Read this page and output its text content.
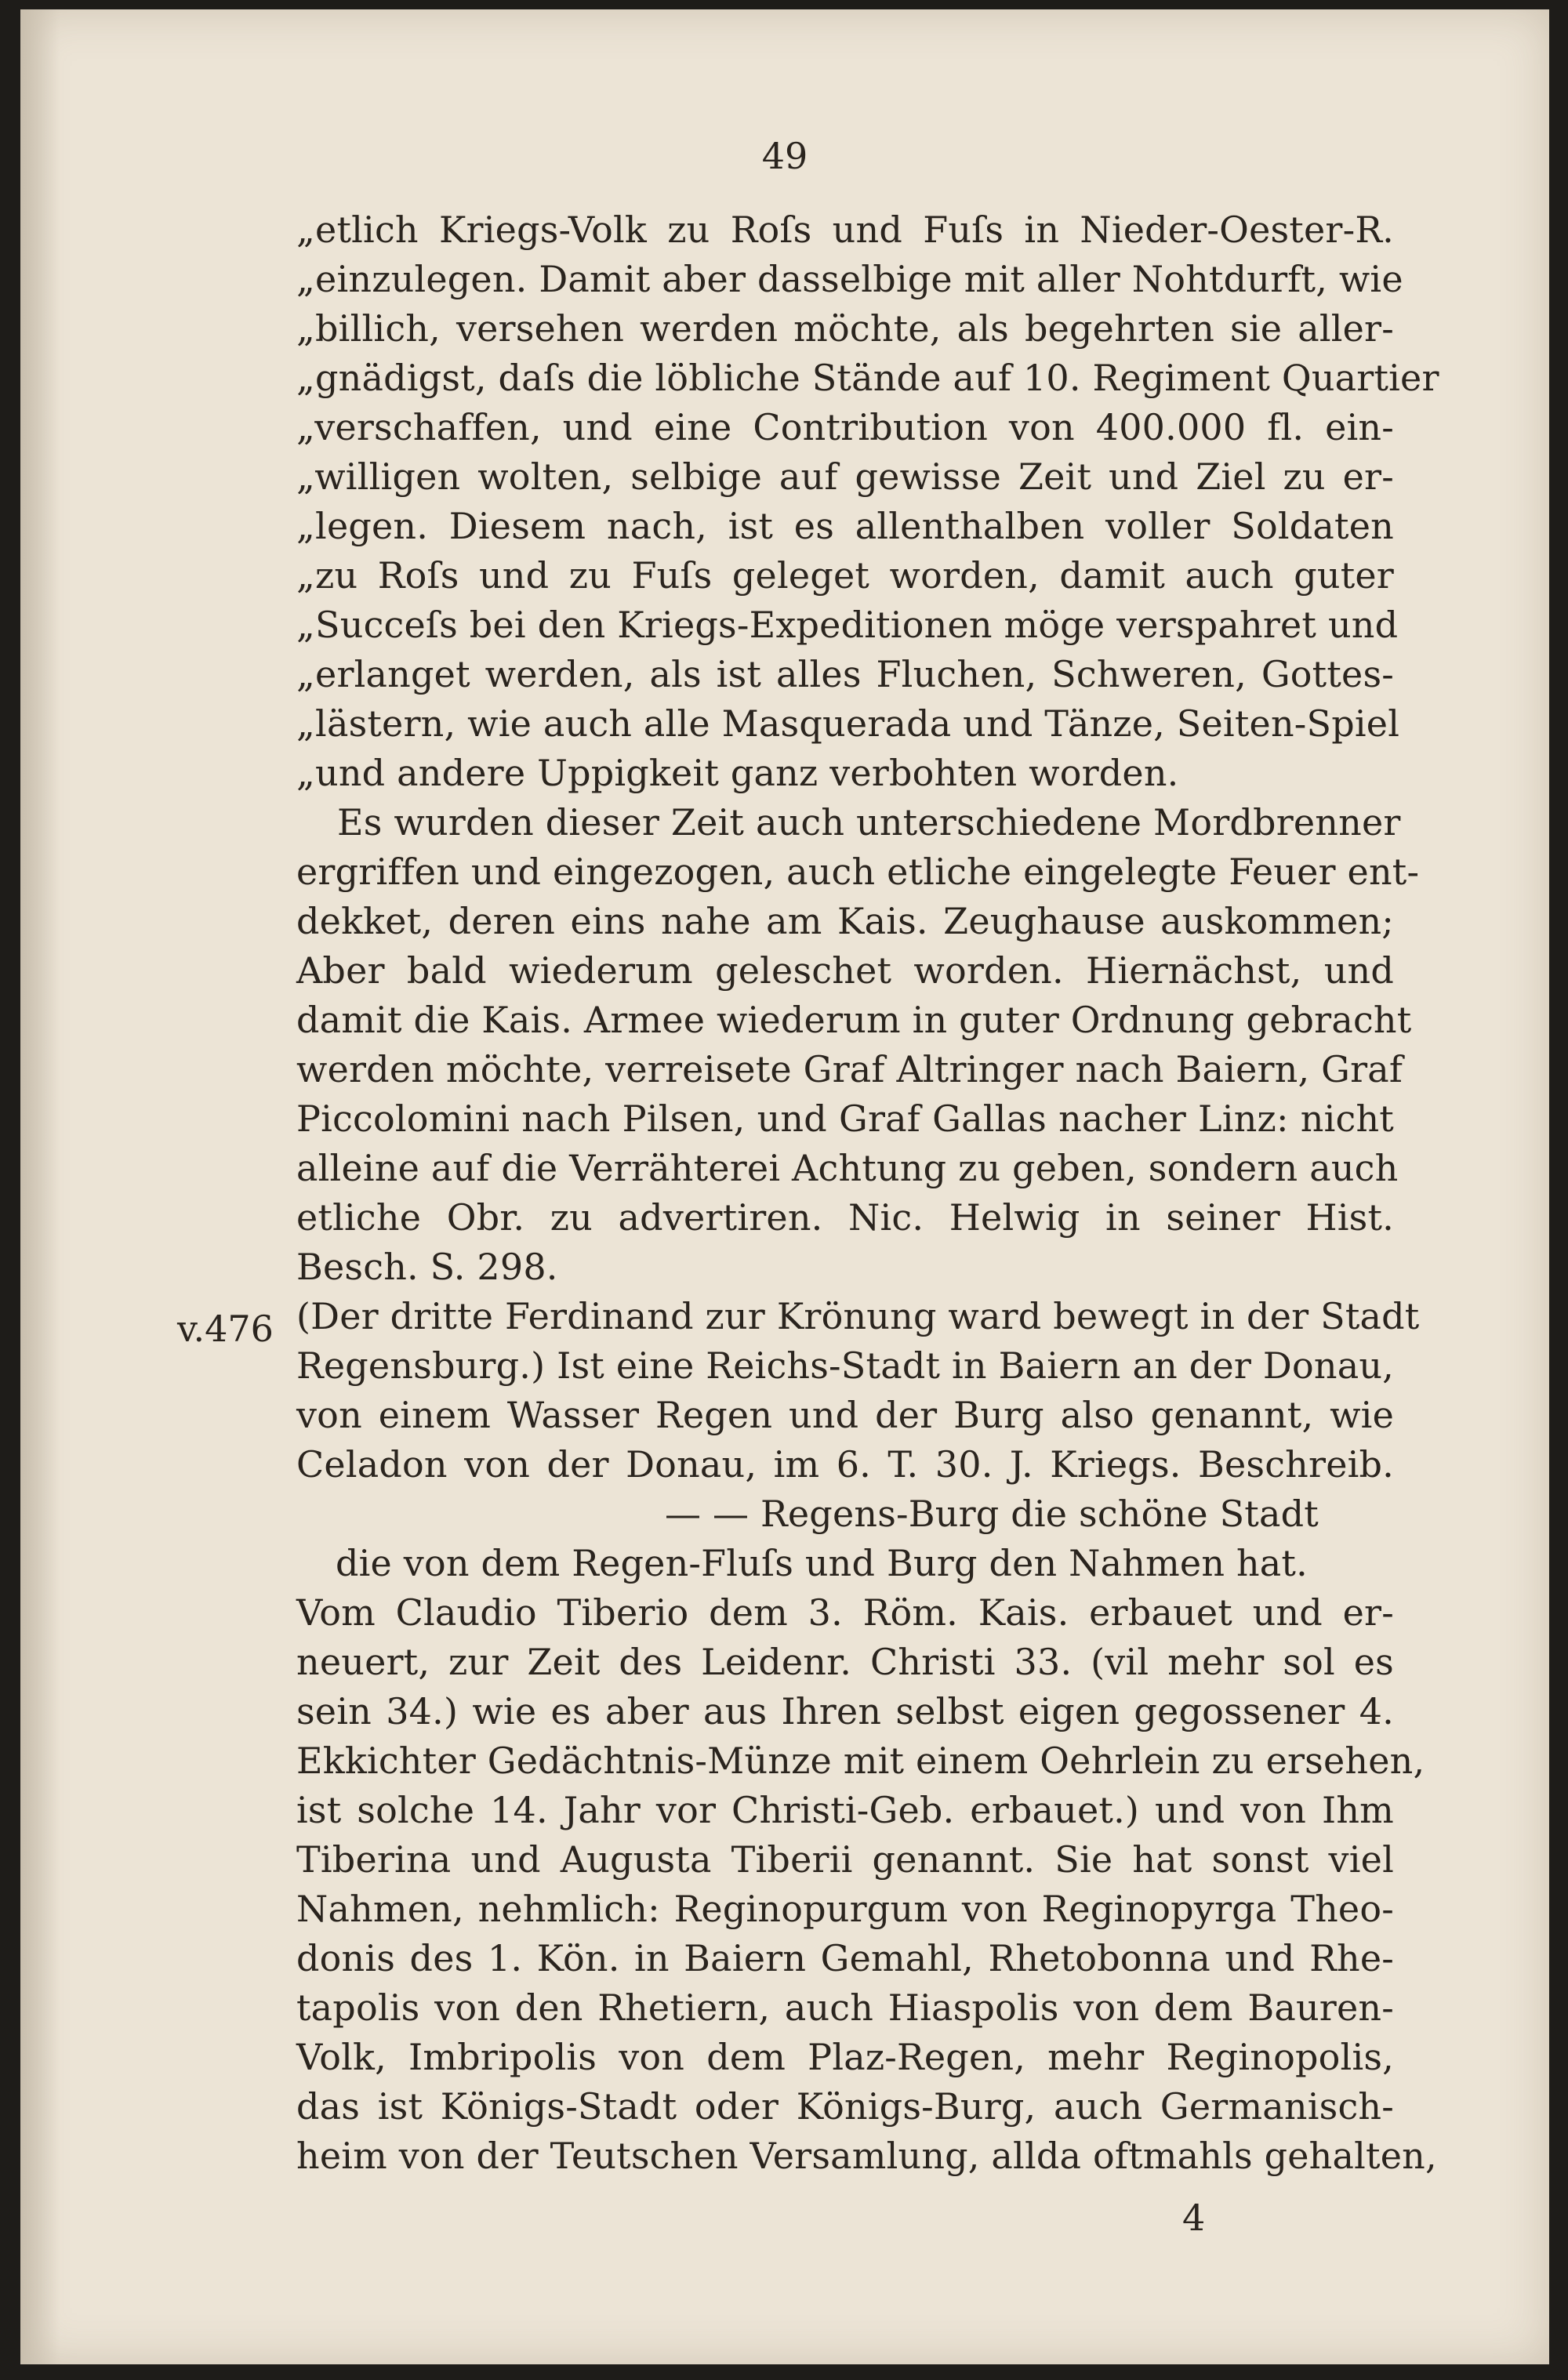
49
v.476
„etlich Kriegs-Volk zu Roſs und Fuſs in Nieder-Oester-R.
„einzulegen. Damit aber dasselbige mit aller Nohtdurft, wie
„billich, versehen werden möchte, als begehrten sie aller-
„gnädigst, daſs die löbliche Stände auf 10. Regiment Quartier
„verschaffen, und eine Contribution von 400.000 fl. ein-
„willigen wolten, selbige auf gewisse Zeit und Ziel zu er-
„legen. Diesem nach, ist es allenthalben voller Soldaten
„zu Roſs und zu Fuſs geleget worden, damit auch guter
„Succeſs bei den Kriegs-Expeditionen möge verspahret und
„erlanget werden, als ist alles Fluchen, Schweren, Gottes-
„lästern, wie auch alle Masquerada und Tänze, Seiten-Spiel
„und andere Uppigkeit ganz verbohten worden.
Es wurden dieser Zeit auch unterschiedene Mordbrenner
ergriffen und eingezogen, auch etliche eingelegte Feuer ent-
dekket, deren eins nahe am Kais. Zeughause auskommen;
Aber bald wiederum geleschet worden. Hiernächst, und
damit die Kais. Armee wiederum in guter Ordnung gebracht
werden möchte, verreisete Graf Altringer nach Baiern, Graf
Piccolomini nach Pilsen, und Graf Gallas nacher Linz: nicht
alleine auf die Verrähterei Achtung zu geben, sondern auch
etliche Obr. zu advertiren. Nic. Helwig in seiner Hist.
Besch. S. 298.
(Der dritte Ferdinand zur Krönung ward bewegt in der Stadt
Regensburg.) Ist eine Reichs-Stadt in Baiern an der Donau,
von einem Wasser Regen und der Burg also genannt, wie
Celadon von der Donau, im 6. T. 30. J. Kriegs. Beschreib.
— — Regens-Burg die schöne Stadt
die von dem Regen-Fluſs und Burg den Nahmen hat.
Vom Claudio Tiberio dem 3. Röm. Kais. erbauet und er-
neuert, zur Zeit des Leidenr. Christi 33. (vil mehr sol es
sein 34.) wie es aber aus Ihren selbst eigen gegossener 4.
Ekkichter Gedächtnis-Münze mit einem Oehrlein zu ersehen,
ist solche 14. Jahr vor Christi-Geb. erbauet.) und von Ihm
Tiberina und Augusta Tiberii genannt. Sie hat sonst viel
Nahmen, nehmlich: Reginopurgum von Reginopyrga Theo-
donis des 1. Kön. in Baiern Gemahl, Rhetobonna und Rhe-
tapolis von den Rhetiern, auch Hiaspolis von dem Bauren-
Volk, Imbripolis von dem Plaz-Regen, mehr Reginopolis,
das ist Königs-Stadt oder Königs-Burg, auch Germanisch-
heim von der Teutschen Versamlung, allda oftmahls gehalten,
4
